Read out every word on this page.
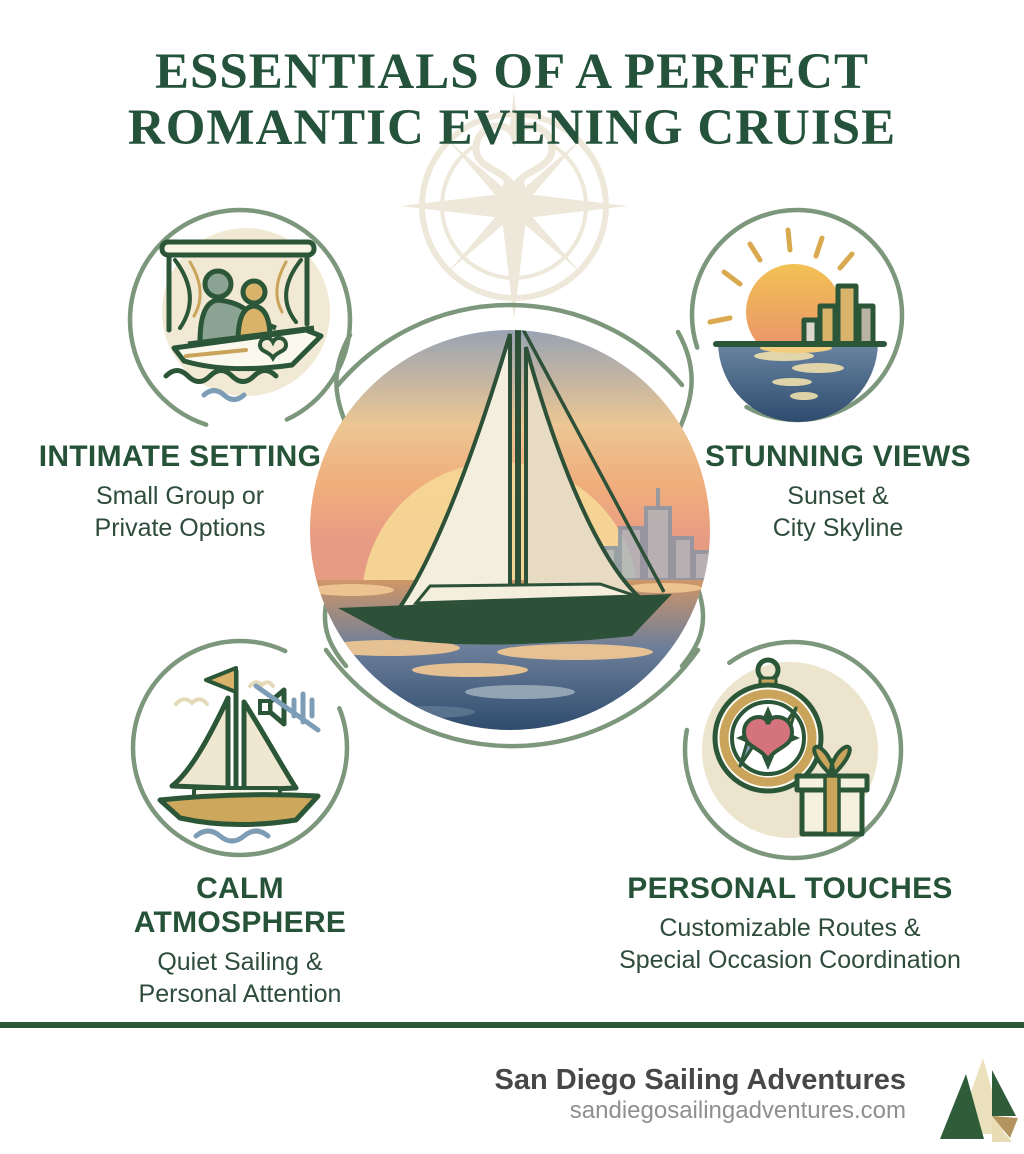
ESSENTIALS OF A PERFECT
ROMANTIC EVENING CRUISE
INTIMATE SETTING
Small Group or
Private Options
STUNNING VIEWS
Sunset &
City Skyline
CALM ATMOSPHERE
Quiet Sailing &
Personal Attention
PERSONAL TOUCHES
Customizable Routes &
Special Occasion Coordination
San Diego Sailing Adventures
sandiegosailingadventures.com
